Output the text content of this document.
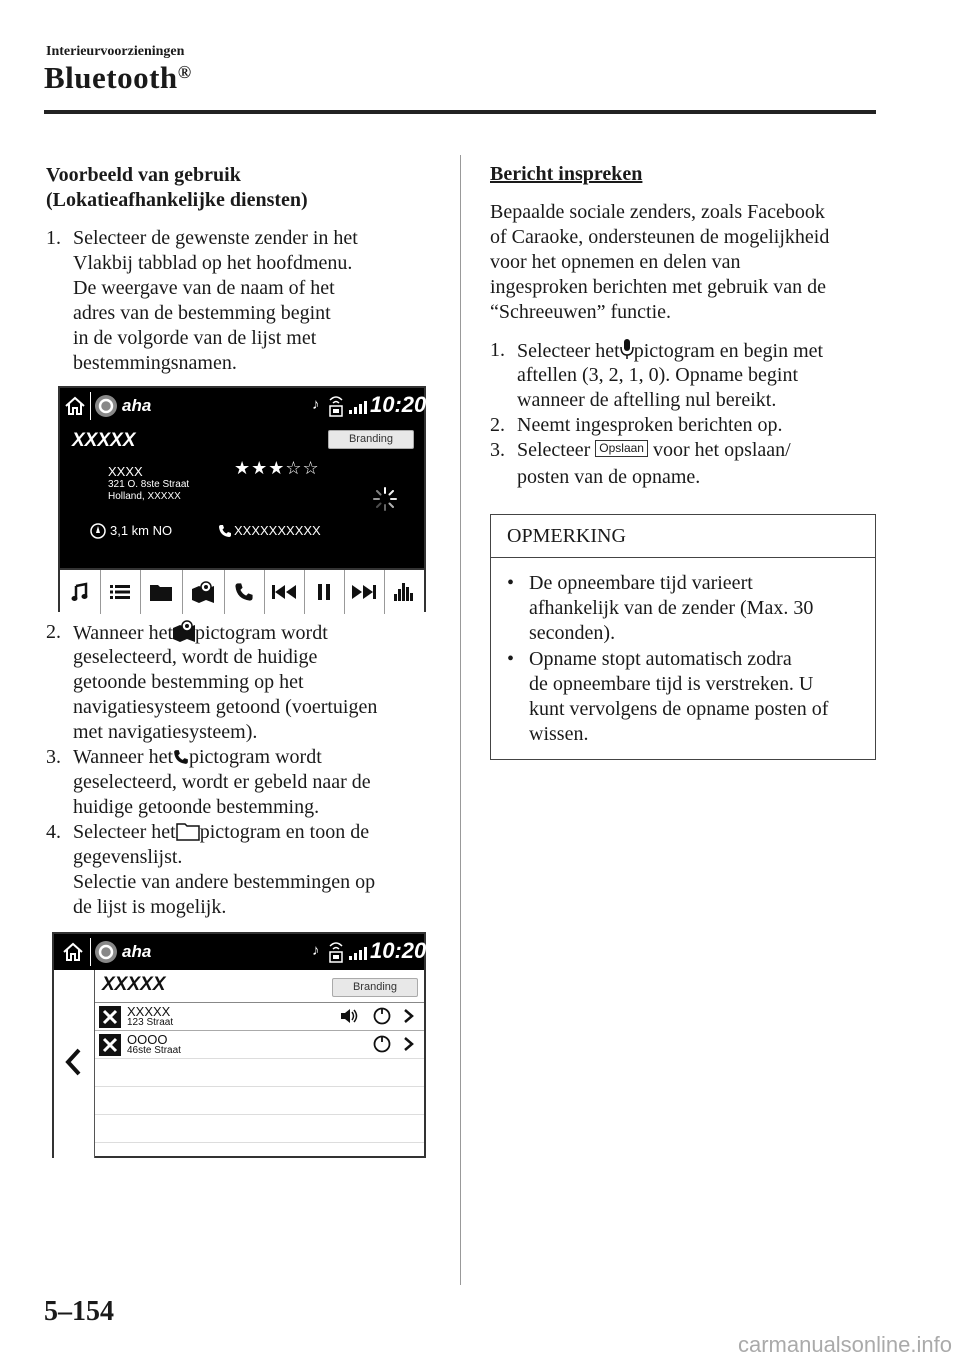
Interieurvoorzieningen
Bluetooth®
Voorbeeld van gebruik
(Lokatieafhankelijke diensten)
1. Selecteer de gewenste zender in het
Vlakbij tabblad op het hoofdmenu.
De weergave van de naam of het
adres van de bestemming begint
in de volgorde van de lijst met
bestemmingsnamen.
aha	♪ 10:20
XXXXX	Branding
XXXX
321 O. 8ste Straat
Holland, XXXXX
★★★☆☆
3,1 km NO	XXXXXXXXXX
2. Wanneer het pictogram wordt
geselecteerd, wordt de huidige
getoonde bestemming op het
navigatiesysteem getoond (voertuigen
met navigatiesysteem).
3. Wanneer het pictogram wordt
geselecteerd, wordt er gebeld naar de
huidige getoonde bestemming.
4. Selecteer het pictogram en toon de
gegevenslijst.
Selectie van andere bestemmingen op
de lijst is mogelijk.
aha	♪ 10:20
XXXXX	Branding
XXXXX
123 Straat
OOOO
46ste Straat
Bericht inspreken
Bepaalde sociale zenders, zoals Facebook
of Caraoke, ondersteunen de mogelijkheid
voor het opnemen en delen van
ingesproken berichten met gebruik van de
“Schreeuwen” functie.
1. Selecteer het pictogram en begin met
aftellen (3, 2, 1, 0). Opname begint
wanneer de aftelling nul bereikt.
2. Neemt ingesproken berichten op.
3. Selecteer Opslaan voor het opslaan/
posten van de opname.
OPMERKING
• De opneembare tijd varieert
afhankelijk van de zender (Max. 30
seconden).
• Opname stopt automatisch zodra
de opneembare tijd is verstreken. U
kunt vervolgens de opname posten of
wissen.
5–154
carmanualsonline.info
